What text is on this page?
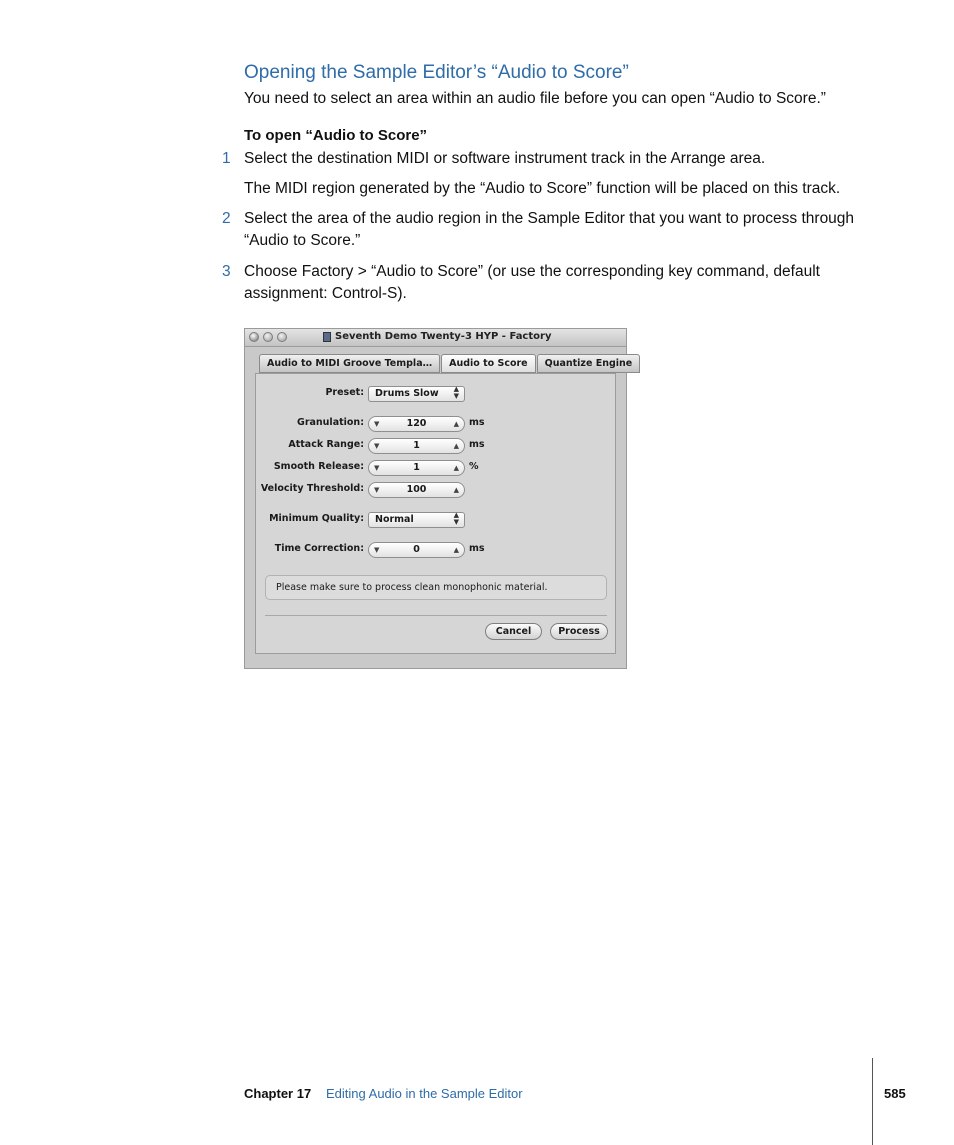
Opening the Sample Editor’s “Audio to Score”

You need to select an area within an audio file before you can open “Audio to Score.”

To open “Audio to Score”

1 Select the destination MIDI or software instrument track in the Arrange area.

The MIDI region generated by the “Audio to Score” function will be placed on this track.

2 Select the area of the audio region in the Sample Editor that you want to process through “Audio to Score.”

3 Choose Factory > “Audio to Score” (or use the corresponding key command, default assignment: Control-S).

Seventh Demo Twenty-3 HYP - Factory
Audio to MIDI Groove Templa…	Audio to Score	Quantize Engine
Preset: Drums Slow	▲
▼
Granulation: ▼	120	▲ ms
Attack Range: ▼	1	▲ ms
Smooth Release: ▼	1	▲ %
Velocity Threshold: ▼	100	▲
Minimum Quality: Normal	▲
▼
Time Correction: ▼	0	▲ ms
Please make sure to process clean monophonic material.
Cancel	Process
Chapter 17 Editing Audio in the Sample Editor	585
